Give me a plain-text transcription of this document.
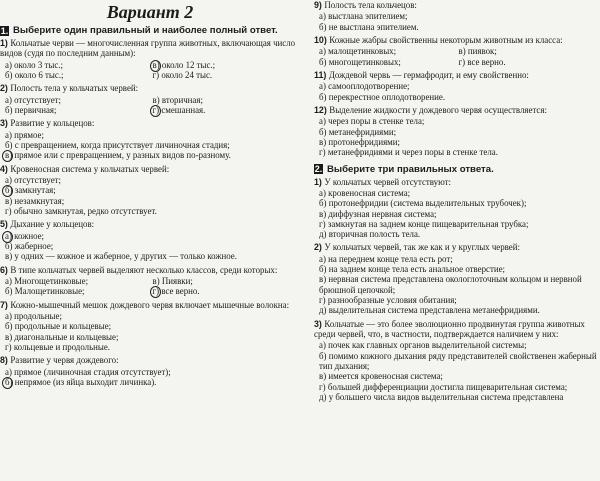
Вариант 2
1. Выберите один правильный и наиболее полный ответ.
1) Кольчатые черви — многочисленная группа животных, включающая число видов (судя по последним данным):
а) около 3 тыс.;	в) около 12 тыс.;
б) около 6 тыс.;	г) около 24 тыс.
2) Полость тела у кольчатых червей:
а) отсутствует;	в) вторичная;
б) первичная;	г) смешанная.
3) Развитие у кольцецов:
а) прямое;
б) с превращением, когда присутствует личиночная стадия;
в) прямое или с превращением, у разных видов по-разному.
4) Кровеносная система у кольчатых червей:
а) отсутствует;
б) замкнутая;
в) незамкнутая;
г) обычно замкнутая, редко отсутствует.
5) Дыхание у кольцецов:
а) кожное;
б) жаберное;
в) у одних — кожное и жаберное, у других — только кожное.
6) В типе кольчатых червей выделяют несколько классов, среди которых:
а) Многощетинковые;	в) Пиявки;
б) Малощетинковые;	г) все верно.
7) Кожно-мышечный мешок дождевого червя включает мышечные волокна:
а) продольные;
б) продольные и кольцевые;
в) диагональные и кольцевые;
г) кольцевые и продольные.
8) Развитие у червя дождевого:
а) прямое (личиночная стадия отсутствует);
б) непрямое (из яйца выходит личинка).
9) Полость тела кольчецов:
а) выстлана эпителием;
б) не выстлана эпителием.
10) Кожные жабры свойственны некоторым животным из класса:
а) малощетинковых;	в) пиявок;
б) многощетинковых;	г) все верно.
11) Дождевой червь — гермафродит, и ему свойственно:
а) самооплодотворение;
б) перекрестное оплодотворение.
12) Выделение жидкости у дождевого червя осуществляется:
а) через поры в стенке тела;
б) метанефридиями;
в) протонефридиями;
г) метанефридиями и через поры в стенке тела.
2. Выберите три правильных ответа.
1) У кольчатых червей отсутствуют:
а) кровеносная система;
б) протонефридии (система выделительных трубочек);
в) диффузная нервная система;
г) замкнутая на заднем конце пищеварительная трубка;
д) вторичная полость тела.
2) У кольчатых червей, так же как и у круглых червей:
а) на переднем конце тела есть рот;
б) на заднем конце тела есть анальное отверстие;
в) нервная система представлена окологлоточным кольцом и нервной брюшной цепочкой;
г) разнообразные условия обитания;
д) выделительная система представлена метанефридиями.
3) Кольчатые — это более эволюционно продвинутая группа животных среди червей, что, в частности, подтверждается наличием у них:
а) почек как главных органов выделительной системы;
б) помимо кожного дыхания ряду представителей свойственен жаберный тип дыхания;
в) имеется кровеносная система;
г) большей дифференциации достигла пищеварительная система;
д) у большего числа видов выделительная система представлена
